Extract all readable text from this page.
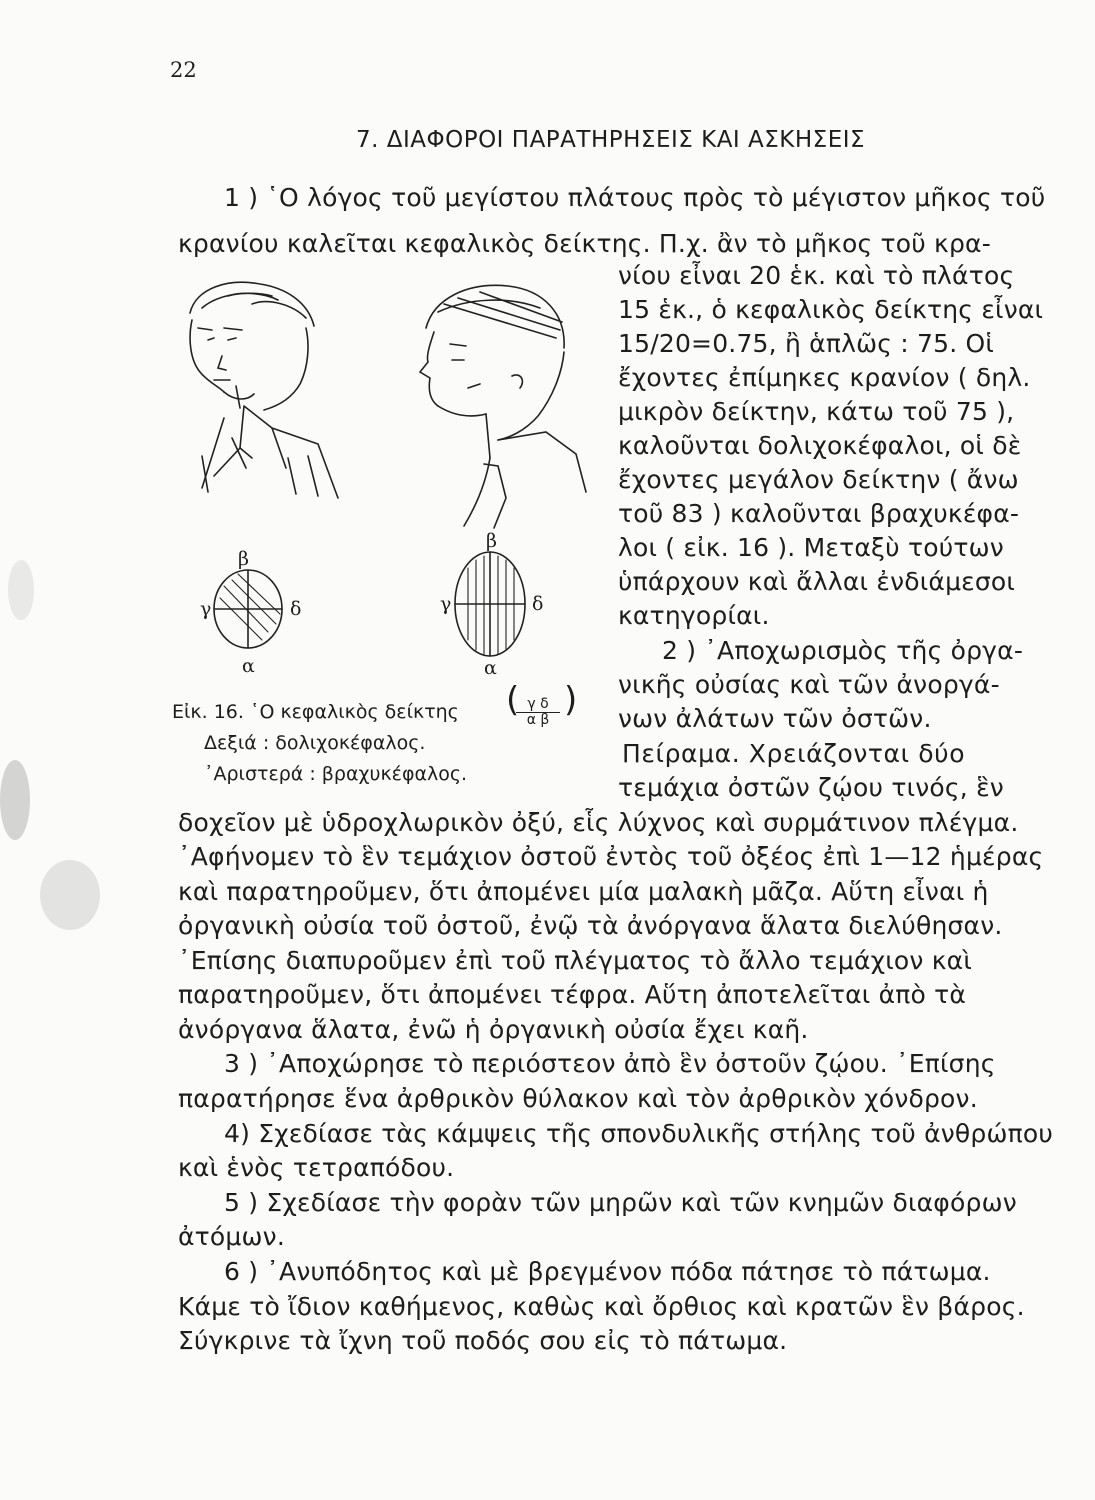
22
7. ΔΙΑΦΟΡΟΙ ΠΑΡΑΤΗΡΗΣΕΙΣ ΚΑΙ ΑΣΚΗΣΕΙΣ
1 ) ῾Ο λόγος τοῦ μεγίστου πλάτους πρὸς τὸ μέγιστον μῆκος τοῦ
κρανίου καλεῖται κεφαλικὸς δείκτης. Π.χ. ἂν τὸ μῆκος τοῦ κρα-
νίου εἶναι 20 ἑκ. καὶ τὸ πλάτος
15 ἑκ., ὁ κεφαλικὸς δείκτης εἶναι
15/20=0.75, ἢ ἁπλῶς : 75. Οἱ
ἔχοντες ἐπίμηκες κρανίον ( δηλ.
μικρὸν δείκτην, κάτω τοῦ 75 ),
καλοῦνται δολιχοκέφαλοι, οἱ δὲ
ἔχοντες μεγάλον δείκτην ( ἄνω
τοῦ 83 ) καλοῦνται βραχυκέφα-
λοι ( εἰκ. 16 ). Μεταξὺ τούτων
ὑπάρχουν καὶ ἄλλαι ἐνδιάμεσοι
κατηγορίαι.
2 ) ᾿Αποχωρισμὸς τῆς ὀργα-
νικῆς οὐσίας καὶ τῶν ἀνοργά-
νων ἀλάτων τῶν ὀστῶν.
Πείραμα. Χρειάζονται δύο
τεμάχια ὀστῶν ζῴου τινός, ἓν
δοχεῖον μὲ ὑδροχλωρικὸν ὀξύ, εἷς λύχνος καὶ συρμάτινον πλέγμα.
᾿Αφήνομεν τὸ ἓν τεμάχιον ὀστοῦ ἐντὸς τοῦ ὀξέος ἐπὶ 1—12 ἡμέρας
καὶ παρατηροῦμεν, ὅτι ἀπομένει μία μαλακὴ μᾶζα. Αὕτη εἶναι ἡ
ὀργανικὴ οὐσία τοῦ ὀστοῦ, ἐνῷ τὰ ἀνόργανα ἅλατα διελύθησαν.
᾿Επίσης διαπυροῦμεν ἐπὶ τοῦ πλέγματος τὸ ἄλλο τεμάχιον καὶ
παρατηροῦμεν, ὅτι ἀπομένει τέφρα. Αὕτη ἀποτελεῖται ἀπὸ τὰ
ἀνόργανα ἅλατα, ἐνῶ ἡ ὀργανικὴ οὐσία ἔχει καῆ.
3 ) ᾿Αποχώρησε τὸ περιόστεον ἀπὸ ἓν ὀστοῦν ζῴου. ᾿Επίσης
παρατήρησε ἕνα ἀρθρικὸν θύλακον καὶ τὸν ἀρθρικὸν χόνδρον.
4) Σχεδίασε τὰς κάμψεις τῆς σπονδυλικῆς στήλης τοῦ ἀνθρώπου
καὶ ἑνὸς τετραπόδου.
5 ) Σχεδίασε τὴν φορὰν τῶν μηρῶν καὶ τῶν κνημῶν διαφόρων
ἀτόμων.
6 ) ᾿Ανυπόδητος καὶ μὲ βρεγμένον πόδα πάτησε τὸ πάτωμα.
Κάμε τὸ ἴδιον καθήμενος, καθὼς καὶ ὄρθιος καὶ κρατῶν ἓν βάρος.
Σύγκρινε τὰ ἴχνη τοῦ ποδός σου εἰς τὸ πάτωμα.
β
γ	δ
α
β
γ	δ
α
Εἰκ. 16. ῾Ο κεφαλικὸς δείκτης ( γ δ
α β )
Δεξιά : δολιχοκέφαλος.
᾿Αριστερά : βραχυκέφαλος.
